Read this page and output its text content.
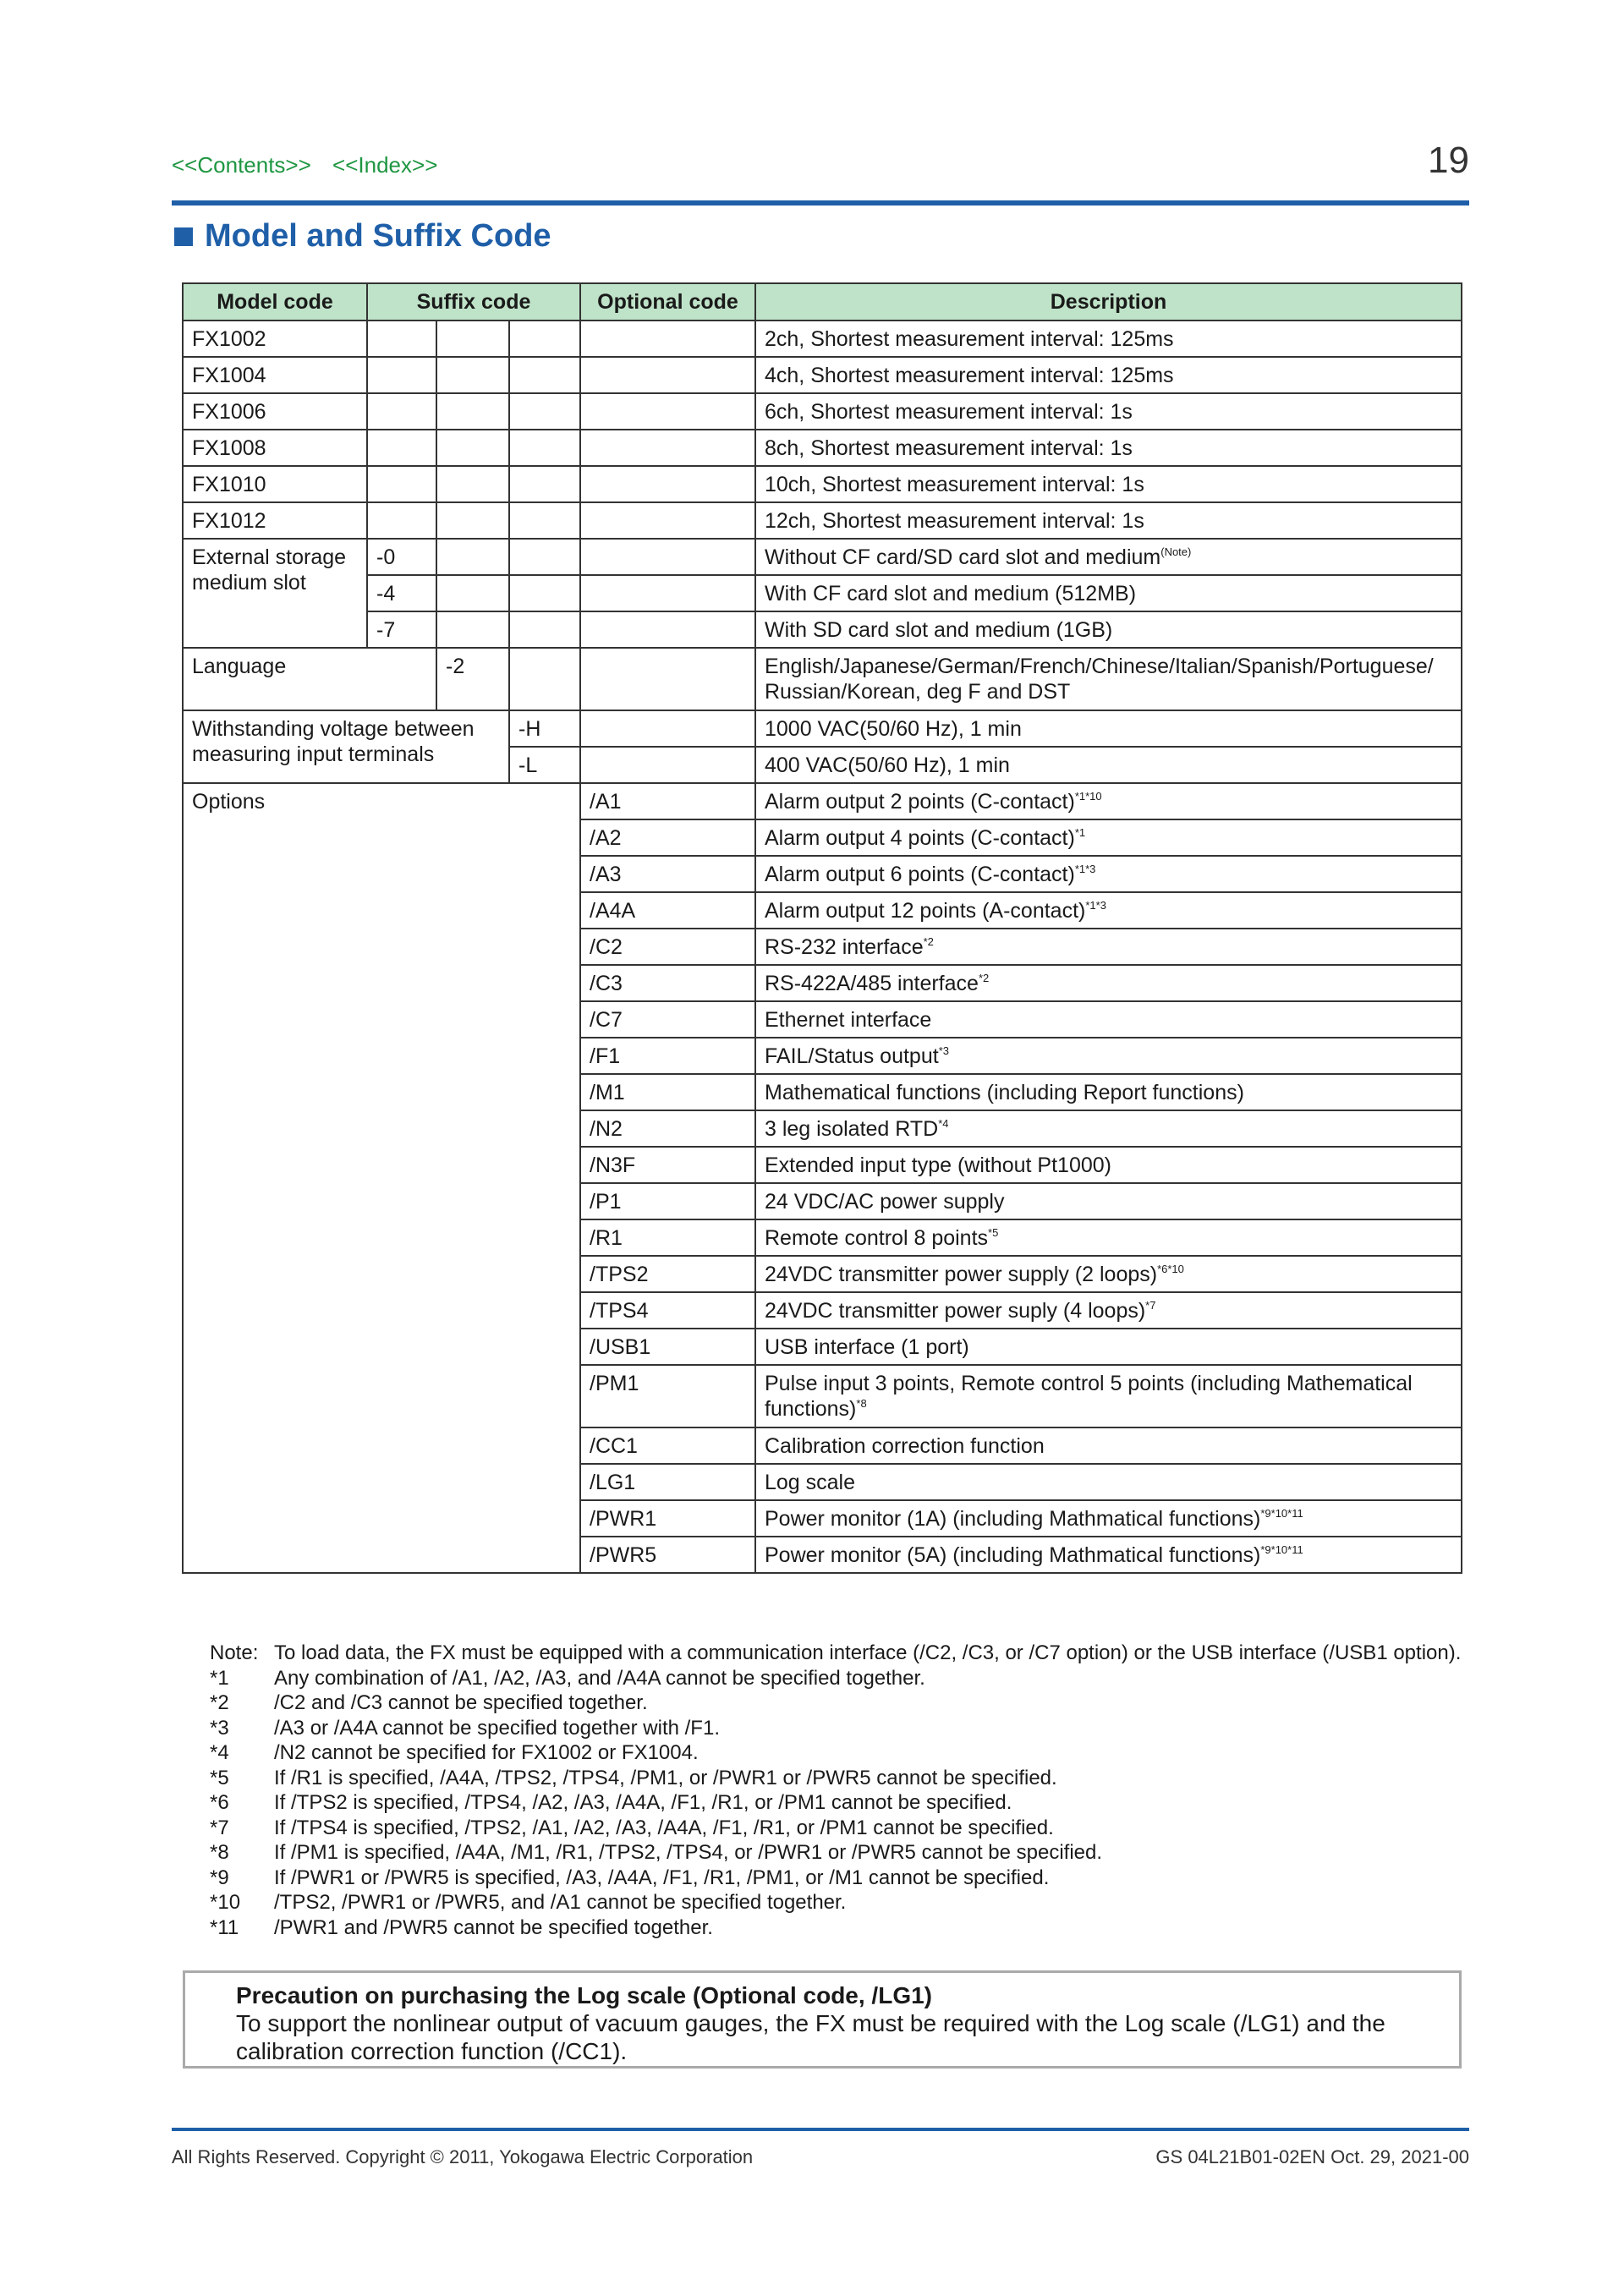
<<Contents>> <<Index>>	19
Model and Suffix Code
Model code	Suffix code			Optional code	Description
FX1002					2ch, Shortest measurement interval: 125ms
FX1004					4ch, Shortest measurement interval: 125ms
FX1006					6ch, Shortest measurement interval: 1s
FX1008					8ch, Shortest measurement interval: 1s
FX1010					10ch, Shortest measurement interval: 1s
FX1012					12ch, Shortest measurement interval: 1s
External storage medium slot	-0				Without CF card/SD card slot and medium$^{(Note)}$
	-4				With CF card slot and medium (512MB)
	-7				With SD card slot and medium (1GB)
Language		-2			English/Japanese/German/French/Chinese/Italian/Spanish/Portuguese/ Russian/Korean, deg F and DST
Withstanding voltage between measuring input terminals			-H		1000 VAC(50/60 Hz), 1 min
			-L		400 VAC(50/60 Hz), 1 min
Options				/A1	Alarm output 2 points (C-contact)$^{*1*10}$
				/A2	Alarm output 4 points (C-contact)$^{*1}$
				/A3	Alarm output 6 points (C-contact)$^{*1*3}$
				/A4A	Alarm output 12 points (A-contact)$^{*1*3}$
				/C2	RS-232 interface$^{*2}$
				/C3	RS-422A/485 interface$^{*2}$
				/C7	Ethernet interface
				/F1	FAIL/Status output$^{*3}$
				/M1	Mathematical functions (including Report functions)
				/N2	3 leg isolated RTD$^{*4}$
				/N3F	Extended input type (without Pt1000)
				/P1	24 VDC/AC power supply
				/R1	Remote control 8 points$^{*5}$
				/TPS2	24VDC transmitter power supply (2 loops)$^{*6*10}$
				/TPS4	24VDC transmitter power suply (4 loops)$^{*7}$
				/USB1	USB interface (1 port)
				/PM1	Pulse input 3 points, Remote control 5 points (including Mathematical functions)$^{*8}$
				/CC1	Calibration correction function
				/LG1	Log scale
				/PWR1	Power monitor (1A) (including Mathmatical functions)$^{*9*10*11}$
				/PWR5	Power monitor (5A) (including Mathmatical functions)$^{*9*10*11}$
Note: To load data, the FX must be equipped with a communication interface (/C2, /C3, or /C7 option) or the USB interface (/USB1 option).
*1	Any combination of /A1, /A2, /A3, and /A4A cannot be specified together.
*2	/C2 and /C3 cannot be specified together.
*3	/A3 or /A4A cannot be specified together with /F1.
*4	/N2 cannot be specified for FX1002 or FX1004.
*5	If /R1 is specified, /A4A, /TPS2, /TPS4, /PM1, or /PWR1 or /PWR5 cannot be specified.
*6	If /TPS2 is specified, /TPS4, /A2, /A3, /A4A, /F1, /R1, or /PM1 cannot be specified.
*7	If /TPS4 is specified, /TPS2, /A1, /A2, /A3, /A4A, /F1, /R1, or /PM1 cannot be specified.
*8	If /PM1 is specified, /A4A, /M1, /R1, /TPS2, /TPS4, or /PWR1 or /PWR5 cannot be specified.
*9	If /PWR1 or /PWR5 is specified, /A3, /A4A, /F1, /R1, /PM1, or /M1 cannot be specified.
*10	/TPS2, /PWR1 or /PWR5, and /A1 cannot be specified together.
*11	/PWR1 and /PWR5 cannot be specified together.
Precaution on purchasing the Log scale (Optional code, /LG1)
To support the nonlinear output of vacuum gauges, the FX must be required with the Log scale (/LG1) and the calibration correction function (/CC1).
All Rights Reserved. Copyright © 2011, Yokogawa Electric Corporation	GS 04L21B01-02EN Oct. 29, 2021-00
